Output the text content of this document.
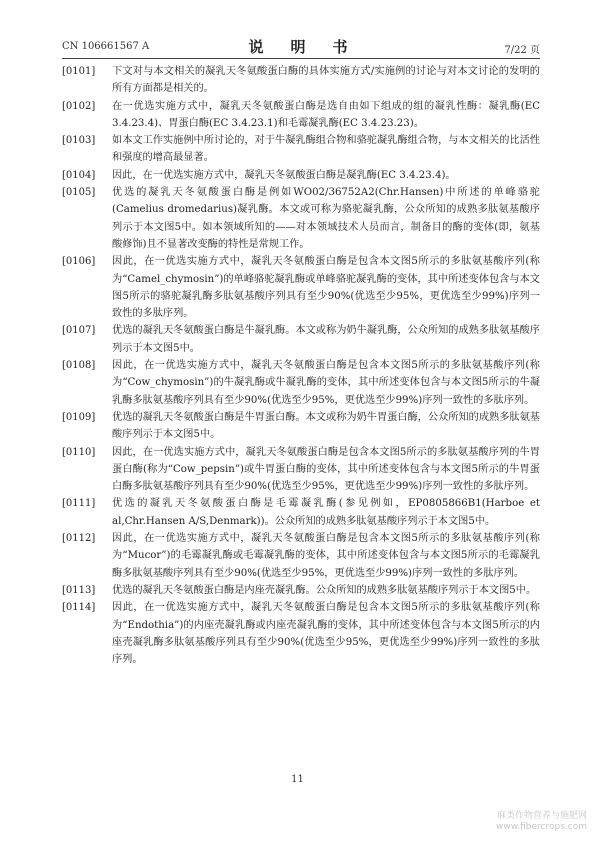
CN 106661567 A	说　明　书	7/22 页
[0101] 下文对与本文相关的凝乳天冬氨酸蛋白酶的具体实施方式/实施例的讨论与对本文讨论的发明的所有方面都是相关的。
[0102] 在一优选实施方式中，凝乳天冬氨酸蛋白酶是选自由如下组成的组的凝乳性酶：凝乳酶(EC 3.4.23.4)、胃蛋白酶(EC 3.4.23.1)和毛霉凝乳酶(EC 3.4.23.23)。
[0103] 如本文工作实施例中所讨论的，对于牛凝乳酶组合物和骆驼凝乳酶组合物，与本文相关的比活性和强度的增高最显著。
[0104] 因此，在一优选实施方式中，凝乳天冬氨酸蛋白酶是凝乳酶(EC 3.4.23.4)。
[0105] 优选的凝乳天冬氨酸蛋白酶是例如WO02/36752A2(Chr.Hansen)中所述的单峰骆驼(Camelius dromedarius)凝乳酶。本文或可称为骆驼凝乳酶，公众所知的成熟多肽氨基酸序列示于本文图5中。如本领域所知的——对本领域技术人员而言，制备目的酶的变体(即，氨基酸修饰)且不显著改变酶的特性是常规工作。
[0106] 因此，在一优选实施方式中，凝乳天冬氨酸蛋白酶是包含本文图5所示的多肽氨基酸序列(称为“Camel_chymosin”)的单峰骆驼凝乳酶或单峰骆驼凝乳酶的变体，其中所述变体包含与本文图5所示的骆驼凝乳酶多肽氨基酸序列具有至少90%(优选至少95%，更优选至少99%)序列一致性的多肽序列。
[0107] 优选的凝乳天冬氨酸蛋白酶是牛凝乳酶。本文或称为奶牛凝乳酶，公众所知的成熟多肽氨基酸序列示于本文图5中。
[0108] 因此，在一优选实施方式中，凝乳天冬氨酸蛋白酶是包含本文图5所示的多肽氨基酸序列(称为“Cow_chymosin”)的牛凝乳酶或牛凝乳酶的变体，其中所述变体包含与本文图5所示的牛凝乳酶多肽氨基酸序列具有至少90%(优选至少95%，更优选至少99%)序列一致性的多肽序列。
[0109] 优选的凝乳天冬氨酸蛋白酶是牛胃蛋白酶。本文或称为奶牛胃蛋白酶，公众所知的成熟多肽氨基酸序列示于本文图5中。
[0110] 因此，在一优选实施方式中，凝乳天冬氨酸蛋白酶是包含本文图5所示的多肽氨基酸序列的牛胃蛋白酶(称为“Cow_pepsin”)或牛胃蛋白酶的变体，其中所述变体包含与本文图5所示的牛胃蛋白酶多肽氨基酸序列具有至少90%(优选至少95%，更优选至少99%)序列一致性的多肽序列。
[0111] 优选的凝乳天冬氨酸蛋白酶是毛霉凝乳酶(参见例如，EP0805866B1(Harboe et al,Chr.Hansen A/S,Denmark))。公众所知的成熟多肽氨基酸序列示于本文图5中。
[0112] 因此，在一优选实施方式中，凝乳天冬氨酸蛋白酶是包含本文图5所示的多肽氨基酸序列(称为“Mucor”)的毛霉凝乳酶或毛霉凝乳酶的变体，其中所述变体包含与本文图5所示的毛霉凝乳酶多肽氨基酸序列具有至少90%(优选至少95%，更优选至少99%)序列一致性的多肽序列。
[0113] 优选的凝乳天冬氨酸蛋白酶是内座壳凝乳酶。公众所知的成熟多肽氨基酸序列示于本文图5中。
[0114] 因此，在一优选实施方式中，凝乳天冬氨酸蛋白酶是包含本文图5所示的多肽氨基酸序列(称为“Endothia”)的内座壳凝乳酶或内座壳凝乳酶的变体，其中所述变体包含与本文图5所示的内座壳凝乳酶多肽氨基酸序列具有至少90%(优选至少95%，更优选至少99%)序列一致性的多肽序列。
11
麻类作物营养与施肥网
www.fibercrops.com
